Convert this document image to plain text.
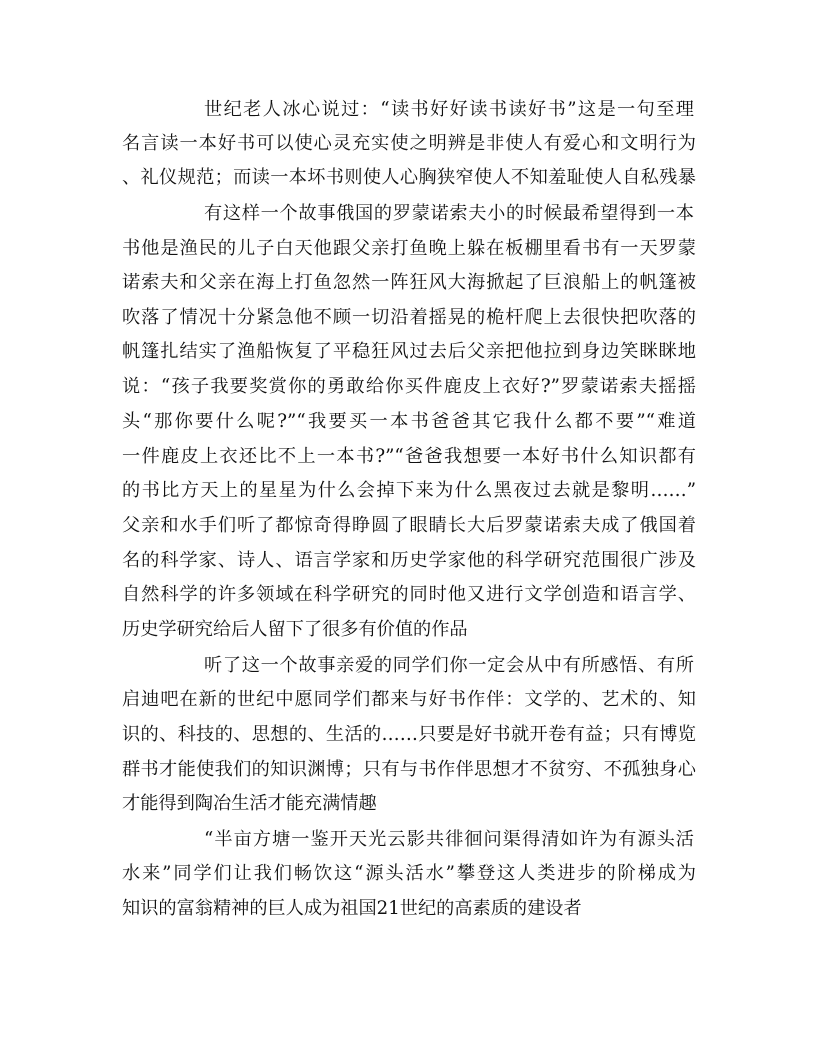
世纪老人冰心说过：“读书好好读书读好书”这是一句至理
名言读一本好书可以使心灵充实使之明辨是非使人有爱心和文明行为
、礼仪规范；而读一本坏书则使人心胸狭窄使人不知羞耻使人自私残暴
有这样一个故事俄国的罗蒙诺索夫小的时候最希望得到一本
书他是渔民的儿子白天他跟父亲打鱼晚上躲在板棚里看书有一天罗蒙
诺索夫和父亲在海上打鱼忽然一阵狂风大海掀起了巨浪船上的帆篷被
吹落了情况十分紧急他不顾一切沿着摇晃的桅杆爬上去很快把吹落的
帆篷扎结实了渔船恢复了平稳狂风过去后父亲把他拉到身边笑眯眯地
说：“孩子我要奖赏你的勇敢给你买件鹿皮上衣好?”罗蒙诺索夫摇摇
头“那你要什么呢?”“我要买一本书爸爸其它我什么都不要”“难道
一件鹿皮上衣还比不上一本书?”“爸爸我想要一本好书什么知识都有
的书比方天上的星星为什么会掉下来为什么黑夜过去就是黎明……”
父亲和水手们听了都惊奇得睁圆了眼睛长大后罗蒙诺索夫成了俄国着
名的科学家、诗人、语言学家和历史学家他的科学研究范围很广涉及
自然科学的许多领域在科学研究的同时他又进行文学创造和语言学、
历史学研究给后人留下了很多有价值的作品
听了这一个故事亲爱的同学们你一定会从中有所感悟、有所
启迪吧在新的世纪中愿同学们都来与好书作伴：文学的、艺术的、知
识的、科技的、思想的、生活的……只要是好书就开卷有益；只有博览
群书才能使我们的知识渊博；只有与书作伴思想才不贫穷、不孤独身心
才能得到陶冶生活才能充满情趣
“半亩方塘一鉴开天光云影共徘徊问渠得清如许为有源头活
水来”同学们让我们畅饮这“源头活水”攀登这人类进步的阶梯成为
知识的富翁精神的巨人成为祖国21世纪的高素质的建设者
